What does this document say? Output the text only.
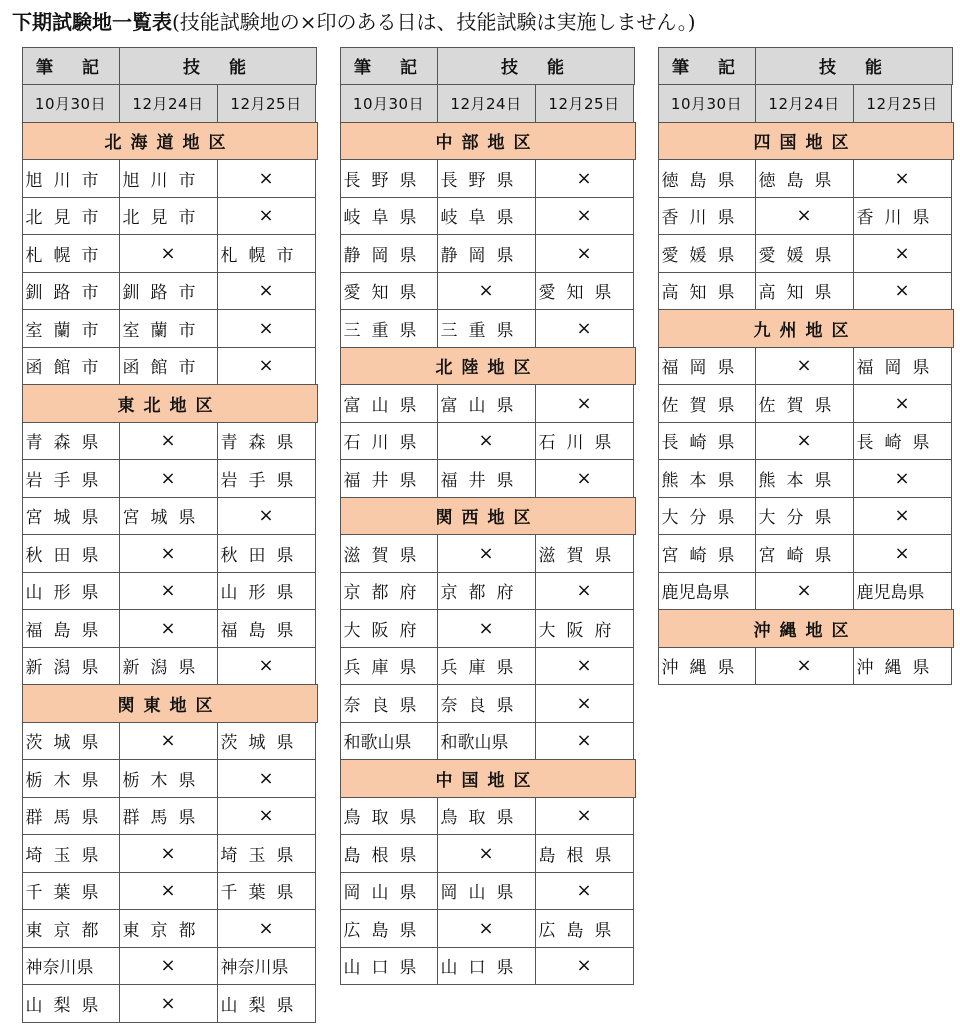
下期試験地一覧表(技能試験地の×印のある日は、技能試験は実施しません。)
筆　記	技　能
10月30日	12月24日	12月25日
北海道地区
旭川市 旭川市	×
北見市 北見市	×
札幌市	×	札幌市
釧路市 釧路市	×
室蘭市 室蘭市	×
函館市 函館市	×
東北地区
青森県	×	青森県
岩手県	×	岩手県
宮城県 宮城県	×
秋田県	×	秋田県
山形県	×	山形県
福島県	×	福島県
新潟県 新潟県	×
関東地区
茨城県	×	茨城県
栃木県 栃木県	×
群馬県 群馬県	×
埼玉県	×	埼玉県
千葉県	×	千葉県
東京都 東京都	×
神奈川県	×	神奈川県
山梨県	×	山梨県
筆　記	技　能
10月30日	12月24日	12月25日
中部地区
長野県 長野県	×
岐阜県 岐阜県	×
静岡県 静岡県	×
愛知県	×	愛知県
三重県 三重県	×
北陸地区
富山県 富山県	×
石川県	×	石川県
福井県 福井県	×
関西地区
滋賀県	×	滋賀県
京都府 京都府	×
大阪府	×	大阪府
兵庫県 兵庫県	×
奈良県 奈良県	×
和歌山県	和歌山県	×
中国地区
鳥取県 鳥取県	×
島根県	×	島根県
岡山県 岡山県	×
広島県	×	広島県
山口県 山口県	×
筆　記	技　能
10月30日	12月24日	12月25日
四国地区
徳島県 徳島県	×
香川県	×	香川県
愛媛県 愛媛県	×
高知県 高知県	×
九州地区
福岡県	×	福岡県
佐賀県 佐賀県	×
長崎県	×	長崎県
熊本県 熊本県	×
大分県 大分県	×
宮崎県 宮崎県	×
鹿児島県	×	鹿児島県
沖縄地区
沖縄県	×	沖縄県
